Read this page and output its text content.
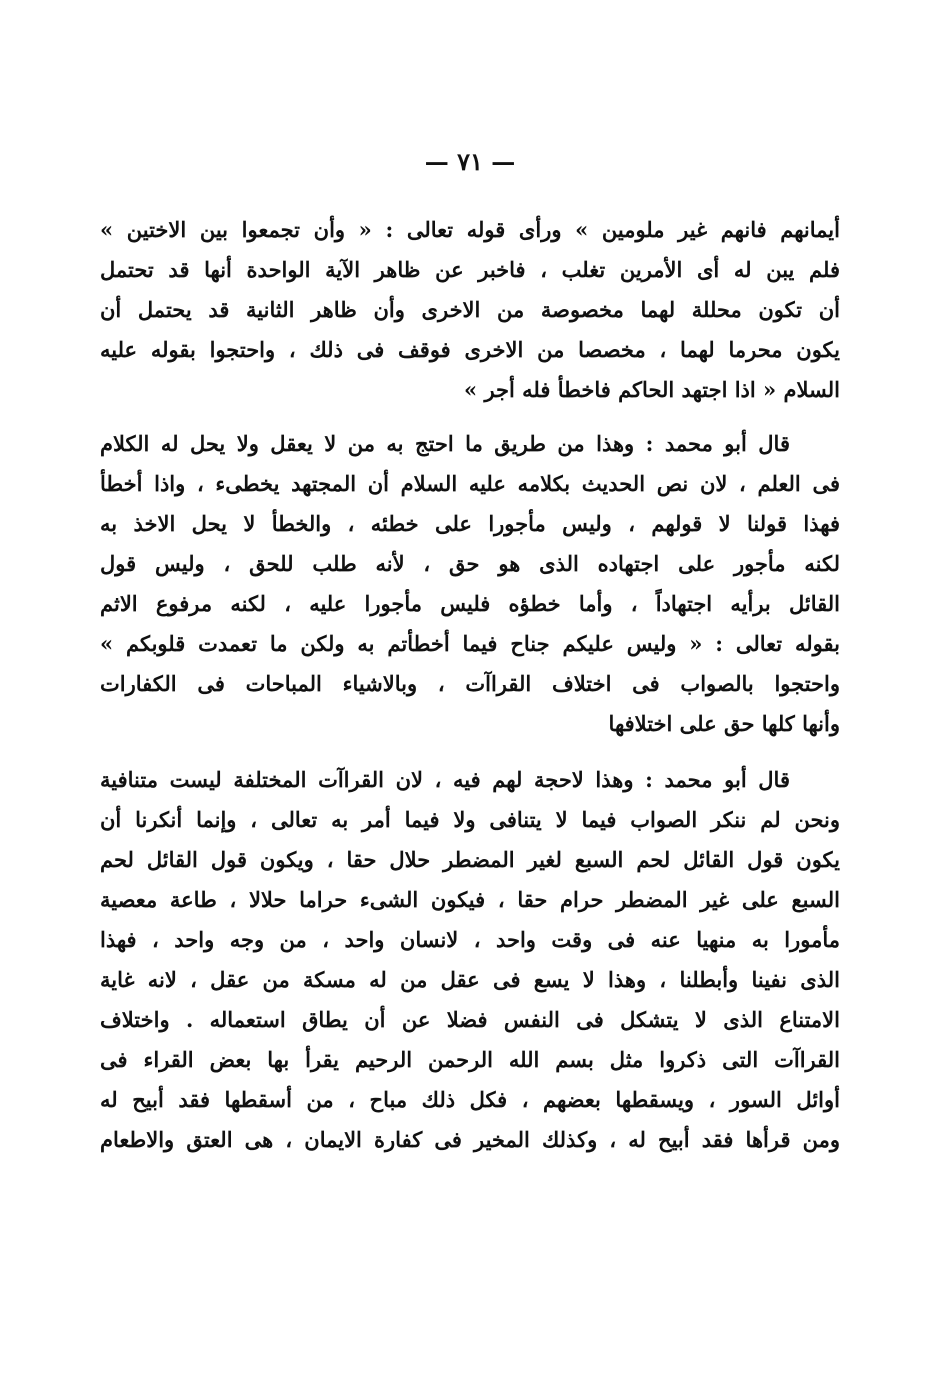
— ٧١ —
أيمانهم فانهم غير ملومين » ورأى قوله تعالى : « وأن تجمعوا بين الاختين »
فلم يبن له أى الأمرين تغلب ، فاخبر عن ظاهر الآية الواحدة أنها قد تحتمل
أن تكون محللة لهما مخصوصة من الاخرى وأن ظاهر الثانية قد يحتمل أن
يكون محرما لهما ، مخصصا من الاخرى فوقف فى ذلك ، واحتجوا بقوله عليه
السلام « اذا اجتهد الحاكم فاخطأ فله أجر »
قال أبو محمد : وهذا من طريق ما احتج به من لا يعقل ولا يحل له الكلام
فى العلم ، لان نص الحديث بكلامه عليه السلام أن المجتهد يخطىء ، واذا أخطأ
فهذا قولنا لا قولهم ، وليس مأجورا على خطئه ، والخطأ لا يحل الاخذ به
لكنه مأجور على اجتهاده الذى هو حق ، لأنه طلب للحق ، وليس قول
القائل برأيه اجتهاداً ، وأما خطؤه فليس مأجورا عليه ، لكنه مرفوع الاثم
بقوله تعالى : « وليس عليكم جناح فيما أخطأتم به ولكن ما تعمدت قلوبكم »
واحتجوا بالصواب فى اختلاف القراآت ، وبالاشياء المباحات فى الكفارات
وأنها كلها حق على اختلافها
قال أبو محمد : وهذا لاحجة لهم فيه ، لان القراآت المختلفة ليست متنافية
ونحن لم ننكر الصواب فيما لا يتنافى ولا فيما أمر به تعالى ، وإنما أنكرنا أن
يكون قول القائل لحم السبع لغير المضطر حلال حقا ، ويكون قول القائل لحم
السبع على غير المضطر حرام حقا ، فيكون الشىء حراما حلالا ، طاعة معصية
مأمورا به منهيا عنه فى وقت واحد ، لانسان واحد ، من وجه واحد ، فهذا
الذى نفينا وأبطلنا ، وهذا لا يسع فى عقل من له مسكة من عقل ، لانه غاية
الامتناع الذى لا يتشكل فى النفس فضلا عن أن يطاق استعماله . واختلاف
القراآت التى ذكروا مثل بسم الله الرحمن الرحيم يقرأ بها بعض القراء فى
أوائل السور ، ويسقطها بعضهم ، فكل ذلك مباح ، من أسقطها فقد أبيح له
ومن قرأها فقد أبيح له ، وكذلك المخير فى كفارة الايمان ، هى العتق والاطعام
